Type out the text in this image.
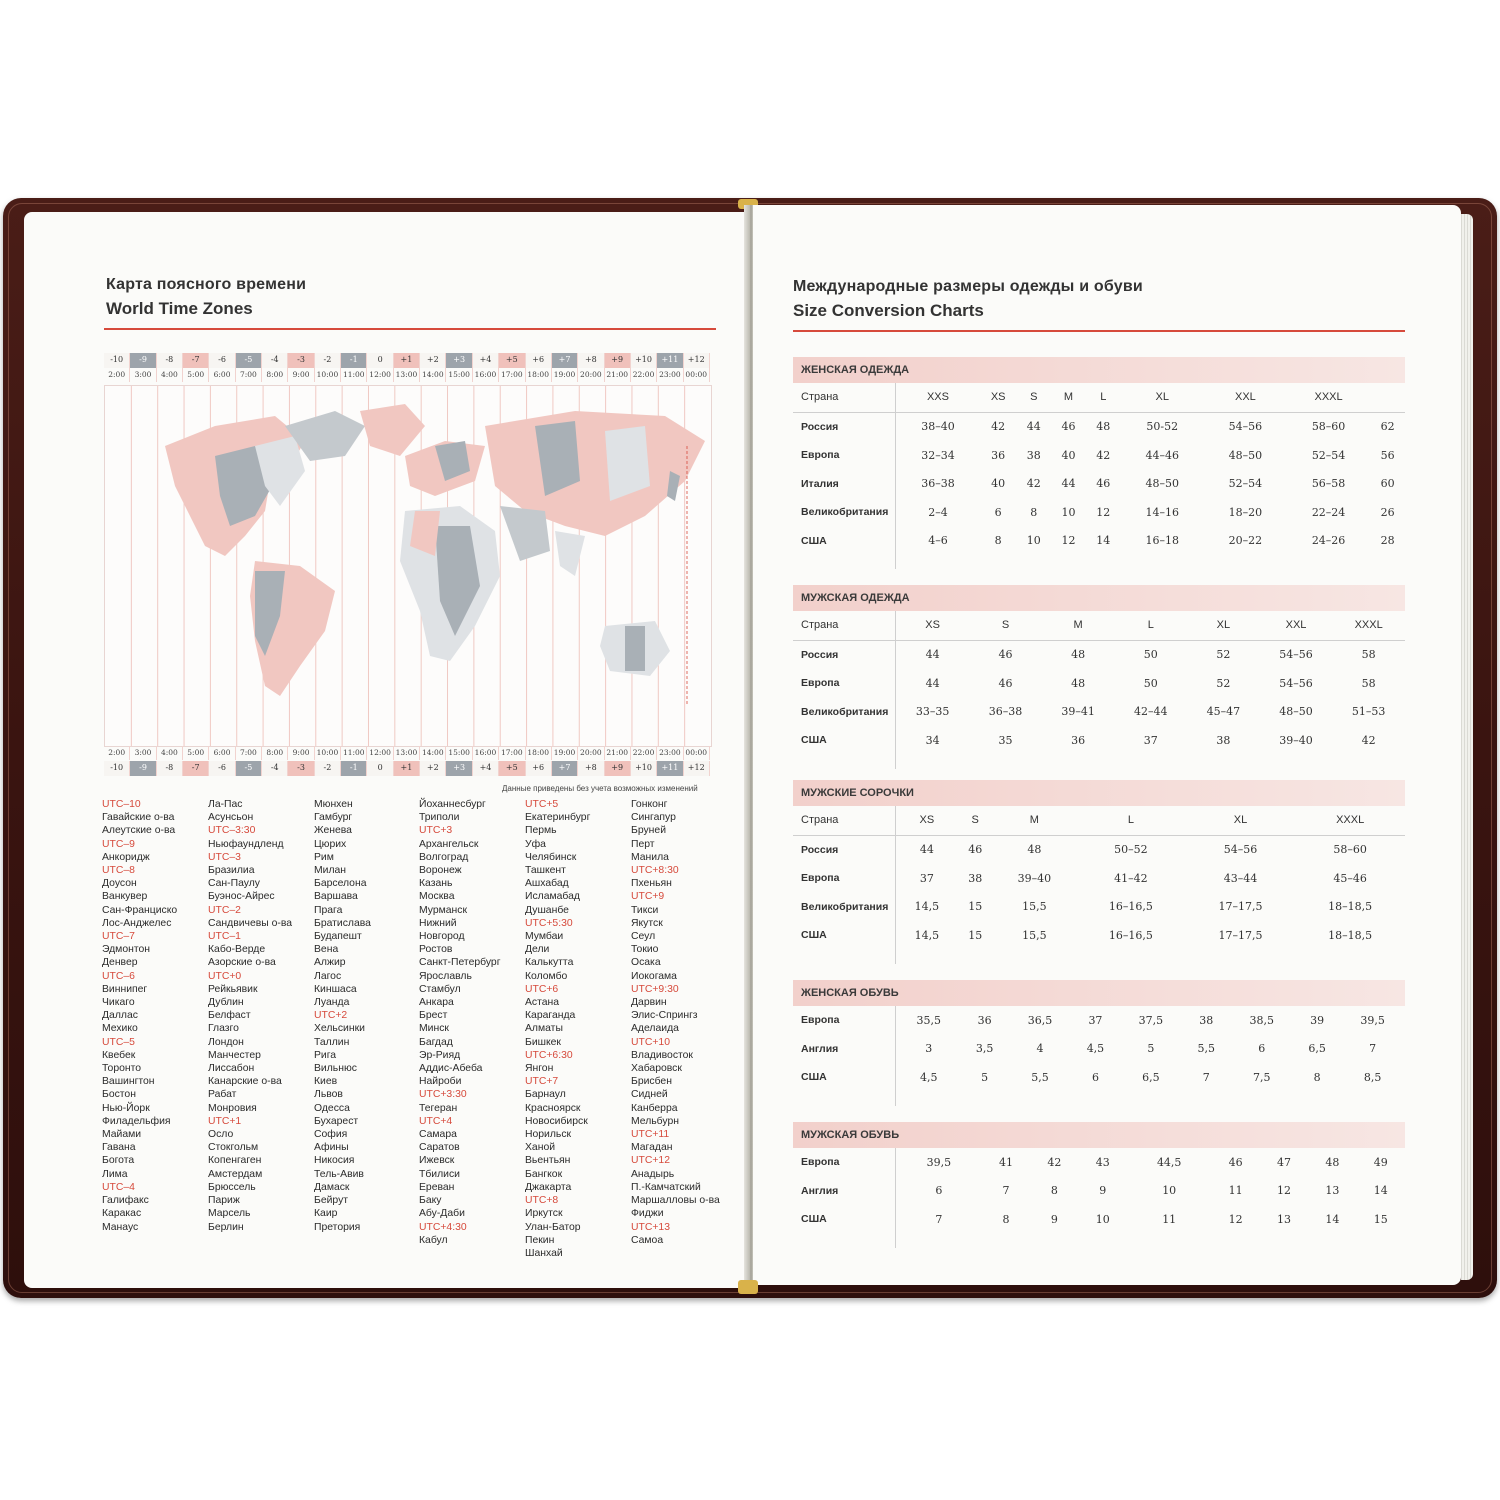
Карта поясного времени
World Time Zones
-10	-9	-8	-7	-6	-5	-4	-3	-2	-1	0	+1	+2	+3	+4	+5	+6	+7	+8	+9	+10	+11	+12
2:00	3:00	4:00	5:00	6:00	7:00	8:00	9:00 10:00 11:00 12:00 13:00 14:00 15:00 16:00 17:00 18:00 19:00 20:00 21:00 22:00 23:00 00:00
2:00	3:00	4:00	5:00	6:00	7:00	8:00	9:00 10:00 11:00 12:00 13:00 14:00 15:00 16:00 17:00 18:00 19:00 20:00 21:00 22:00 23:00 00:00
-10	-9	-8	-7	-6	-5	-4	-3	-2	-1	0	+1	+2	+3	+4	+5	+6	+7	+8	+9	+10	+11	+12
Данные приведены без учета возможных изменений
UTC–10
Гавайские о-ва
Алеутские о-ва
UTC–9
Анкоридж
UTC–8
Доусон
Ванкувер
Сан-Франциско
Лос-Анджелес
UTC–7
Эдмонтон
Денвер
UTC–6
Виннипег
Чикаго
Даллас
Мехико
UTC–5
Квебек
Торонто
Вашингтон
Бостон
Нью-Йорк
Филадельфия
Майами
Гавана
Богота
Лима
UTC–4
Галифакс
Каракас
Манаус
Ла-Пас
Асунсьон
UTC–3:30
Ньюфаундленд
UTC–3
Бразилиа
Сан-Паулу
Буэнос-Айрес
UTC–2
Сандвичевы о-ва
UTC–1
Кабо-Верде
Азорские о-ва
UTC+0
Рейкьявик
Дублин
Белфаст
Глазго
Лондон
Манчестер
Лиссабон
Канарские о-ва
Рабат
Монровия
UTC+1
Осло
Стокгольм
Копенгаген
Амстердам
Брюссель
Париж
Марсель
Берлин
Мюнхен
Гамбург
Женева
Цюрих
Рим
Милан
Барселона
Варшава
Прага
Братислава
Будапешт
Вена
Алжир
Лагос
Киншаса
Луанда
UTC+2
Хельсинки
Таллин
Рига
Вильнюс
Киев
Львов
Одесса
Бухарест
София
Афины
Никосия
Тель-Авив
Дамаск
Бейрут
Каир
Претория
Йоханнесбург
Триполи
UTC+3
Архангельск
Волгоград
Воронеж
Казань
Москва
Мурманск
Нижний
Новгород
Ростов
Санкт-Петербург
Ярославль
Стамбул
Анкара
Брест
Минск
Багдад
Эр-Рияд
Аддис-Абеба
Найроби
UTC+3:30
Тегеран
UTC+4
Самара
Саратов
Ижевск
Тбилиси
Ереван
Баку
Абу-Даби
UTC+4:30
Кабул
UTC+5
Екатеринбург
Пермь
Уфа
Челябинск
Ташкент
Ашхабад
Исламабад
Душанбе
UTC+5:30
Мумбаи
Дели
Калькутта
Коломбо
UTC+6
Астана
Караганда
Алматы
Бишкек
UTC+6:30
Янгон
UTC+7
Барнаул
Красноярск
Новосибирск
Норильск
Ханой
Вьентьян
Бангкок
Джакарта
UTC+8
Иркутск
Улан-Батор
Пекин
Шанхай
Гонконг
Сингапур
Бруней
Перт
Манила
UTC+8:30
Пхеньян
UTC+9
Тикси
Якутск
Сеул
Токио
Осака
Иокогама
UTC+9:30
Дарвин
Элис-Спрингз
Аделаида
UTC+10
Владивосток
Хабаровск
Брисбен
Сидней
Канберра
Мельбурн
UTC+11
Магадан
UTC+12
Анадырь
П.-Камчатский
Маршалловы о-ва
Фиджи
UTC+13
Самоа
Международные размеры одежды и обуви
Size Conversion Charts
ЖЕНСКАЯ ОДЕЖДА
Страна	XXS	XS	S	M	L	XL	XXL	XXXL	
Россия	38–40	42	44	46	48	50-52	54–56	58–60	62
Европа	32–34	36	38	40	42	44–46	48–50	52–54	56
Италия	36–38	40	42	44	46	48–50	52–54	56–58	60
Великобритания	2–4	6	8	10	12	14–16	18–20	22–24	26
США	4–6	8	10	12	14	16–18	20–22	24–26	28

МУЖСКАЯ ОДЕЖДА
Страна	XS	S	M	L	XL	XXL	XXXL
Россия	44	46	48	50	52	54–56	58
Европа	44	46	48	50	52	54–56	58
Великобритания	33–35	36–38	39–41	42–44	45–47	48–50	51–53
США	34	35	36	37	38	39–40	42

МУЖСКИЕ СОРОЧКИ
Страна	XS	S	M	L	XL	XXXL
Россия	44	46	48	50–52	54–56	58–60
Европа	37	38	39–40	41–42	43–44	45–46
Великобритания	14,5	15	15,5	16–16,5	17–17,5	18–18,5
США	14,5	15	15,5	16–16,5	17–17,5	18–18,5

ЖЕНСКАЯ ОБУВЬ
Европа	35,5	36	36,5	37	37,5	38	38,5	39	39,5
Англия	3	3,5	4	4,5	5	5,5	6	6,5	7
США	4,5	5	5,5	6	6,5	7	7,5	8	8,5

МУЖСКАЯ ОБУВЬ
Европа	39,5	41	42	43	44,5	46	47	48	49
Англия	6	7	8	9	10	11	12	13	14
США	7	8	9	10	11	12	13	14	15
